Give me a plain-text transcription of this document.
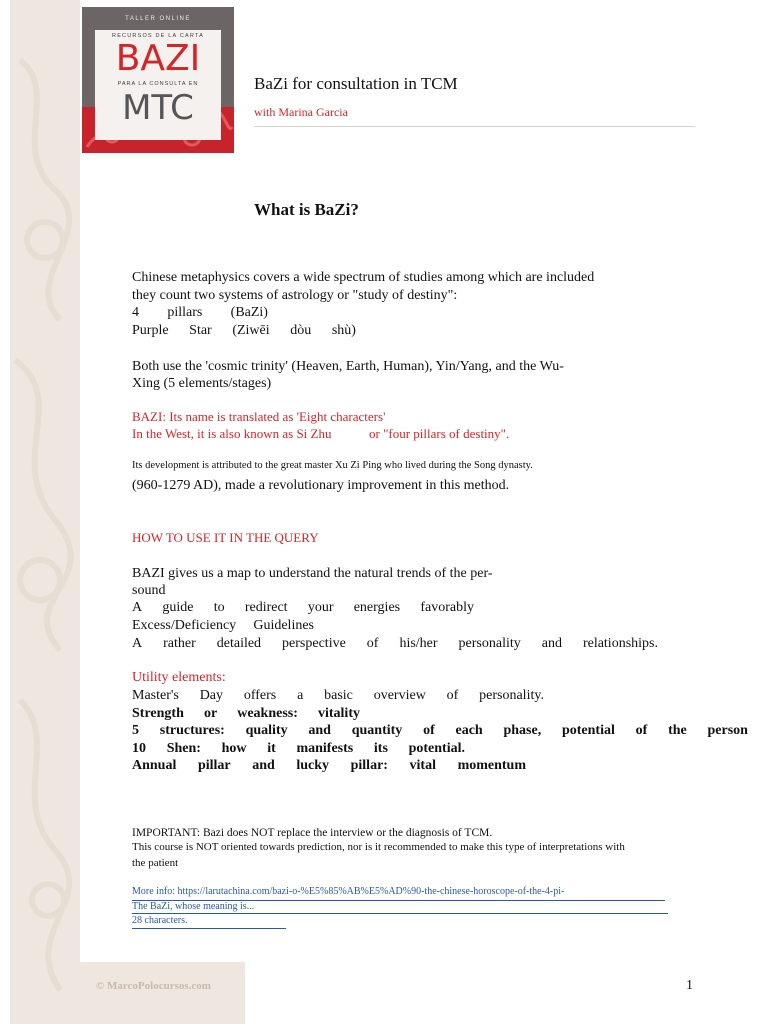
TALLER ONLINE
RECURSOS DE LA CARTA
BAZI
PARA LA CONSULTA EN
MTC
BaZi for consultation in TCM
with Marina Garcia
What is BaZi?
Chinese metaphysics covers a wide spectrum of studies among which are included
they count two systems of astrology or "study of destiny":
4 pillars (BaZi)
Purple Star (Ziwēi dòu shù)
Both use the 'cosmic trinity' (Heaven, Earth, Human), Yin/Yang, and the Wu-
Xing (5 elements/stages)
BAZI: Its name is translated as 'Eight characters'
In the West, it is also known as Si Zhu	or "four pillars of destiny".
Its development is attributed to the great master Xu Zi Ping who lived during the Song dynasty.
(960-1279 AD), made a revolutionary improvement in this method.
HOW TO USE IT IN THE QUERY
BAZI gives us a map to understand the natural trends of the per-
sound
A guide to redirect your energies favorably
Excess/Deficiency Guidelines
A rather detailed perspective of his/her personality and relationships.
Utility elements:
Master's Day offers a basic overview of personality.
Strength or weakness: vitality
5 structures: quality and quantity of each phase, potential of the person
10 Shen: how it manifests its potential.
Annual pillar and lucky pillar: vital momentum
IMPORTANT: Bazi does NOT replace the interview or the diagnosis of TCM.
This course is NOT oriented towards prediction, nor is it recommended to make this type of interpretations with
the patient
More info: https://larutachina.com/bazi-o-%E5%85%AB%E5%AD%90-the-chinese-horoscope-of-the-4-pi-
The BaZi, whose meaning is...
28 characters.
© MarcoPolocursos.com	1
